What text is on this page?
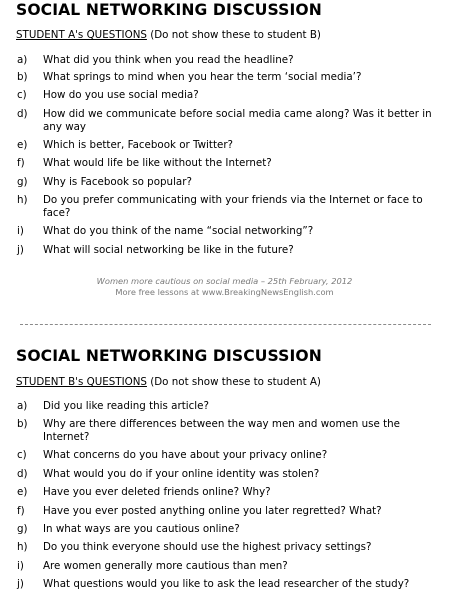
SOCIAL NETWORKING DISCUSSION
STUDENT A's QUESTIONS (Do not show these to student B)
a) What did you think when you read the headline?
b) What springs to mind when you hear the term ‘social media’?
c) How do you use social media?
d) How did we communicate before social media came along? Was it better in any way
e) Which is better, Facebook or Twitter?
f) What would life be like without the Internet?
g) Why is Facebook so popular?
h) Do you prefer communicating with your friends via the Internet or face to face?
i) What do you think of the name “social networking”?
j) What will social networking be like in the future?
Women more cautious on social media – 25th February, 2012
More free lessons at www.BreakingNewsEnglish.com
SOCIAL NETWORKING DISCUSSION
STUDENT B's QUESTIONS (Do not show these to student A)
a) Did you like reading this article?
b) Why are there differences between the way men and women use the Internet?
c) What concerns do you have about your privacy online?
d) What would you do if your online identity was stolen?
e) Have you ever deleted friends online? Why?
f) Have you ever posted anything online you later regretted? What?
g) In what ways are you cautious online?
h) Do you think everyone should use the highest privacy settings?
i) Are women generally more cautious than men?
j) What questions would you like to ask the lead researcher of the study?
